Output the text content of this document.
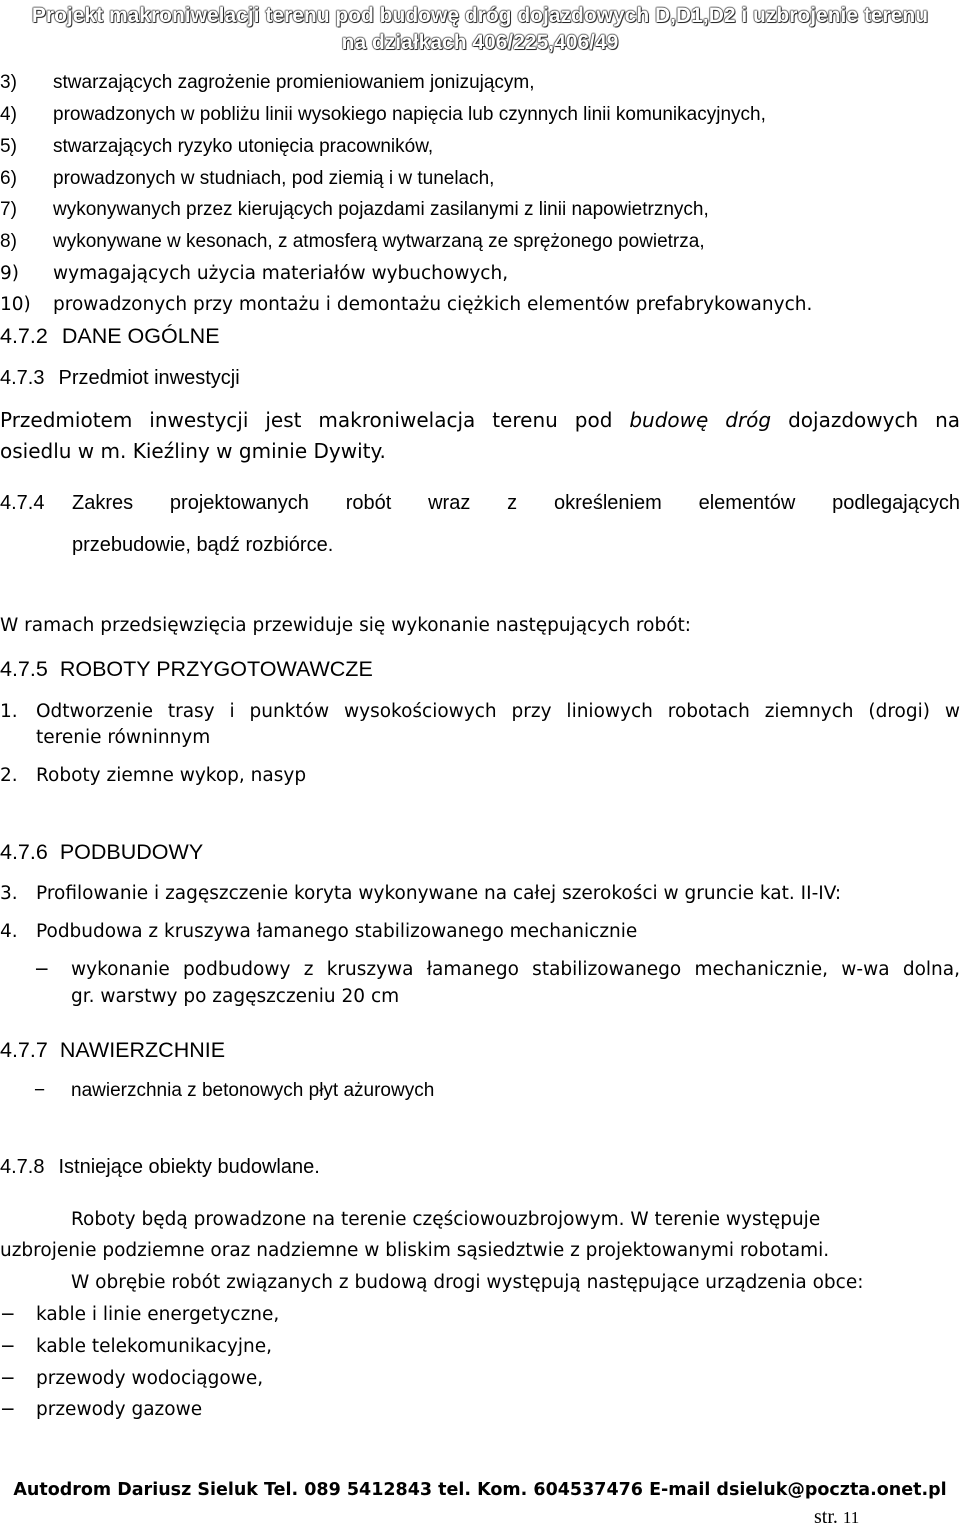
Projekt makroniwelacji terenu pod budowę dróg dojazdowych D,D1,D2 i uzbrojenie terenu
na działkach 406/225,406/49
3) stwarzających zagrożenie promieniowaniem jonizującym,
4) prowadzonych w pobliżu linii wysokiego napięcia lub czynnych linii komunikacyjnych,
5) stwarzających ryzyko utonięcia pracowników,
6) prowadzonych w studniach, pod ziemią i w tunelach,
7) wykonywanych przez kierujących pojazdami zasilanymi z linii napowietrznych,
8) wykonywane w kesonach, z atmosferą wytwarzaną ze sprężonego powietrza,
9) wymagających użycia materiałów wybuchowych,
10) prowadzonych przy montażu i demontażu ciężkich elementów prefabrykowanych.
4.7.2 DANE OGÓLNE
4.7.3 Przedmiot inwestycji
Przedmiotem inwestycji jest makroniwelacja terenu pod budowę dróg dojazdowych na
osiedlu w m. Kieźliny w gminie Dywity.
4.7.4 Zakres projektowanych robót wraz z określeniem elementów podlegających
przebudowie, bądź rozbiórce.
W ramach przedsięwzięcia przewiduje się wykonanie następujących robót:
4.7.5 ROBOTY PRZYGOTOWAWCZE
1. Odtworzenie trasy i punktów wysokościowych przy liniowych robotach ziemnych (drogi) w
terenie równinnym
2. Roboty ziemne wykop, nasyp
4.7.6 PODBUDOWY
3. Profilowanie i zagęszczenie koryta wykonywane na całej szerokości w gruncie kat. II-IV:
4. Podbudowa z kruszywa łamanego stabilizowanego mechanicznie
− wykonanie podbudowy z kruszywa łamanego stabilizowanego mechanicznie, w-wa dolna,
gr. warstwy po zagęszczeniu 20 cm
4.7.7 NAWIERZCHNIE
− nawierzchnia z betonowych płyt ażurowych
4.7.8 Istniejące obiekty budowlane.
Roboty będą prowadzone na terenie częściowouzbrojowym. W terenie występuje
uzbrojenie podziemne oraz nadziemne w bliskim sąsiedztwie z projektowanymi robotami.
W obrębie robót związanych z budową drogi występują następujące urządzenia obce:
− kable i linie energetyczne,
− kable telekomunikacyjne,
− przewody wodociągowe,
− przewody gazowe
Autodrom Dariusz Sieluk Tel. 089 5412843 tel. Kom. 604537476 E-mail dsieluk@poczta.onet.pl
str. 11
